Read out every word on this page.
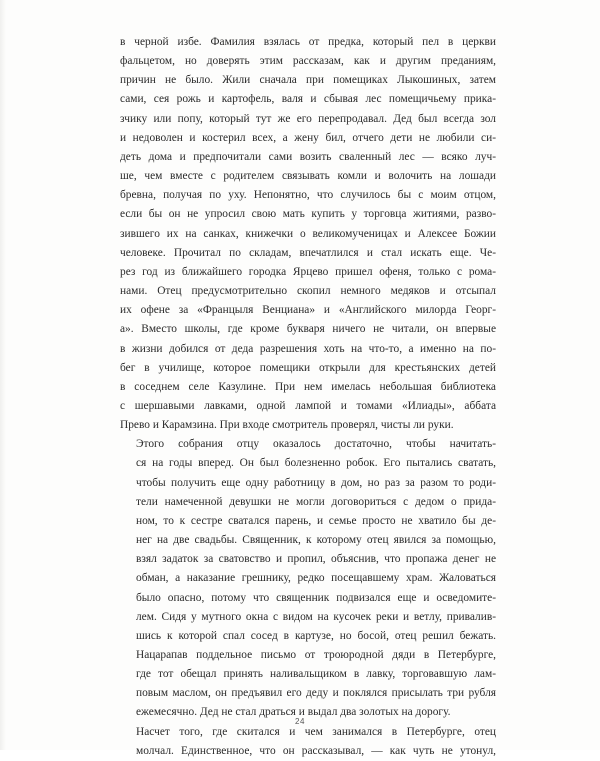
в черной избе. Фамилия взялась от предка, который пел в церкви
фальцетом, но доверять этим рассказам, как и другим преданиям,
причин не было. Жили сначала при помещиках Лыкошиных, затем
сами, сея рожь и картофель, валя и сбывая лес помещичьему прика-
зчику или попу, который тут же его перепродавал. Дед был всегда зол
и недоволен и костерил всех, а жену бил, отчего дети не любили си-
деть дома и предпочитали сами возить сваленный лес — всяко луч-
ше, чем вместе с родителем связывать комли и волочить на лошади
бревна, получая по уху. Непонятно, что случилось бы с моим отцом,
если бы он не упросил свою мать купить у торговца житиями, разво-
зившего их на санках, книжечки о великомученицах и Алексее Божии
человеке. Прочитал по складам, впечатлился и стал искать еще. Че-
рез год из ближайшего городка Ярцево пришел офеня, только с рома-
нами. Отец предусмотрительно скопил немного медяков и отсыпал
их офене за «Францыля Венциана» и «Английского милорда Георг-
а». Вместо школы, где кроме букваря ничего не читали, он впервые
в жизни добился от деда разрешения хоть на что-то, а именно на по-
бег в училище, которое помещики открыли для крестьянских детей
в соседнем селе Казулине. При нем имелась небольшая библиотека
с шершавыми лавками, одной лампой и томами «Илиады», аббата
Прево и Карамзина. При входе смотритель проверял, чисты ли руки.

Этого собрания отцу оказалось достаточно, чтобы начитать-
ся на годы вперед. Он был болезненно робок. Его пытались сватать,
чтобы получить еще одну работницу в дом, но раз за разом то роди-
тели намеченной девушки не могли договориться с дедом о прида-
ном, то к сестре сватался парень, и семье просто не хватило бы де-
нег на две свадьбы. Священник, к которому отец явился за помощью,
взял задаток за сватовство и пропил, объяснив, что пропажа денег не
обман, а наказание грешнику, редко посещавшему храм. Жаловаться
было опасно, потому что священник подвизался еще и осведомите-
лем. Сидя у мутного окна с видом на кусочек реки и ветлу, привалив-
шись к которой спал сосед в картузе, но босой, отец решил бежать.
Нацарапав поддельное письмо от троюродной дяди в Петербурге,
где тот обещал принять наливальщиком в лавку, торговавшую лам-
повым маслом, он предъявил его деду и поклялся присылать три рубля
ежемесячно. Дед не стал драться и выдал два золотых на дорогу.

Насчет того, где скитался и чем занимался в Петербурге, отец
молчал. Единственное, что он рассказывал, — как чуть не утонул,

24
